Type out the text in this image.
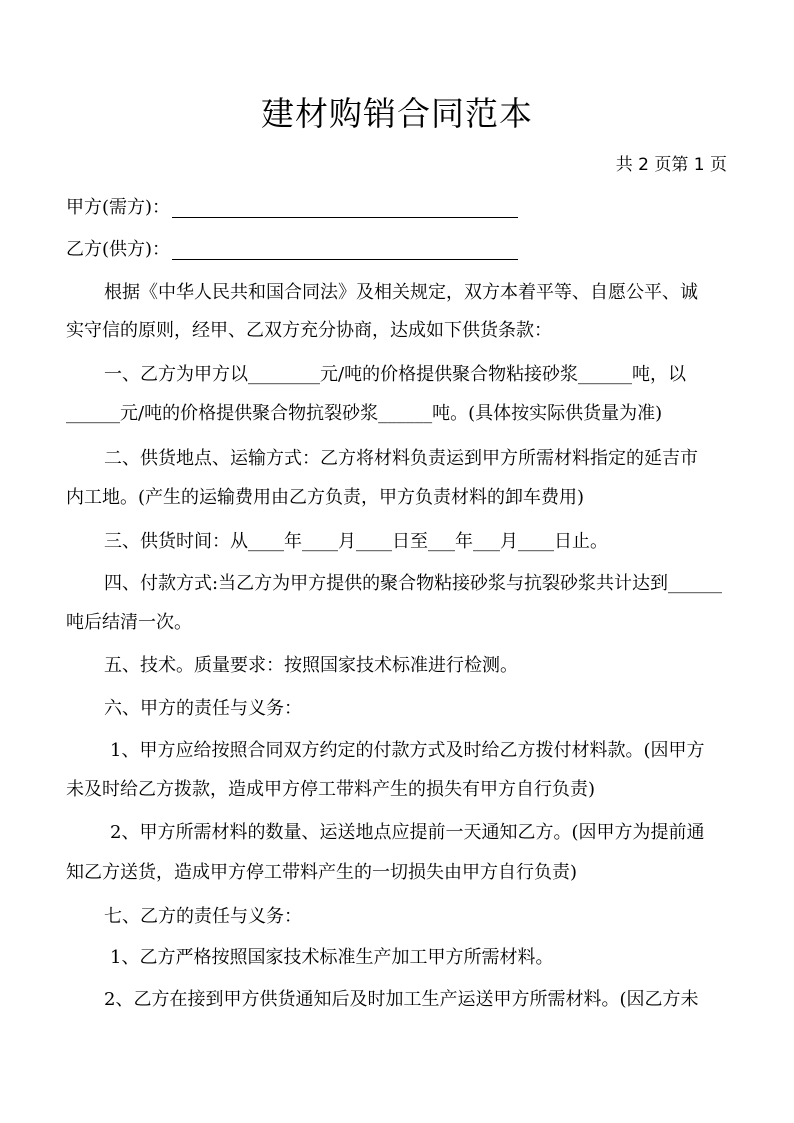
建材购销合同范本
共 2 页第 1 页
甲方(需方)：
乙方(供方)：
根据《中华人民共和国合同法》及相关规定，双方本着平等、自愿公平、诚
实守信的原则，经甲、乙双方充分协商，达成如下供货条款：
一、乙方为甲方以________元/吨的价格提供聚合物粘接砂浆______吨，以
______元/吨的价格提供聚合物抗裂砂浆______吨。(具体按实际供货量为准)
二、供货地点、运输方式：乙方将材料负责运到甲方所需材料指定的延吉市
内工地。(产生的运输费用由乙方负责，甲方负责材料的卸车费用)
三、供货时间：从____年____月____日至___年___月____日止。
四、付款方式:当乙方为甲方提供的聚合物粘接砂浆与抗裂砂浆共计达到______
吨后结清一次。
五、技术。质量要求：按照国家技术标准进行检测。
六、甲方的责任与义务：
1、甲方应给按照合同双方约定的付款方式及时给乙方拨付材料款。(因甲方
未及时给乙方拨款，造成甲方停工带料产生的损失有甲方自行负责)
2、甲方所需材料的数量、运送地点应提前一天通知乙方。(因甲方为提前通
知乙方送货，造成甲方停工带料产生的一切损失由甲方自行负责)
七、乙方的责任与义务：
1、乙方严格按照国家技术标准生产加工甲方所需材料。
2、乙方在接到甲方供货通知后及时加工生产运送甲方所需材料。(因乙方未
